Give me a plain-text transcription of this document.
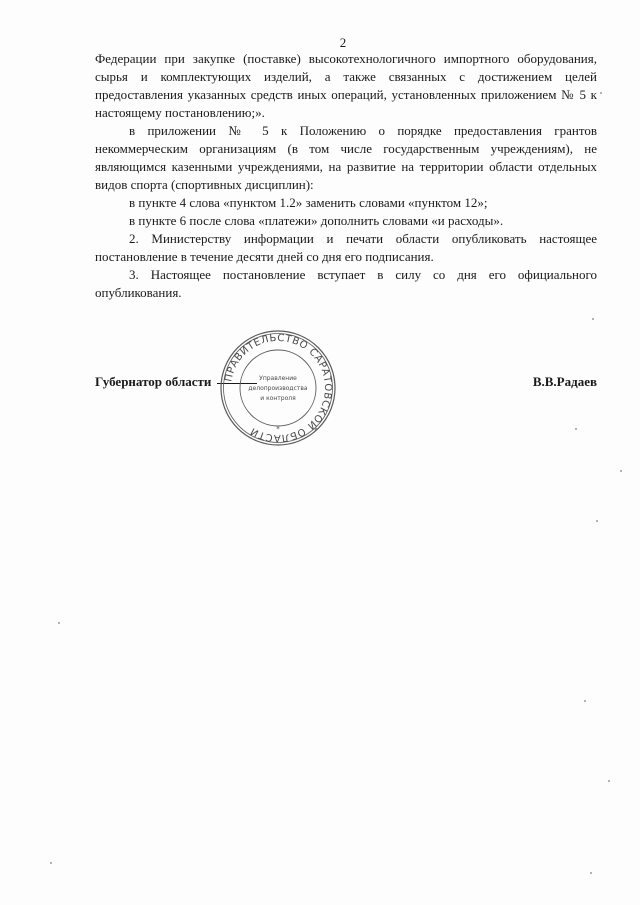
2

Федерации при закупке (поставке) высокотехнологичного импортного оборудования, сырья и комплектующих изделий, а также связанных с достижением целей предоставления указанных средств иных операций, установленных приложением № 5 к настоящему постановлению;».

в приложении № 5 к Положению о порядке предоставления грантов некоммерческим организациям (в том числе государственным учреждениям), не являющимся казенными учреждениями, на развитие на территории области отдельных видов спорта (спортивных дисциплин):

в пункте 4 слова «пунктом 1.2» заменить словами «пунктом 12»;

в пункте 6 после слова «платежи» дополнить словами «и расходы».

2. Министерству информации и печати области опубликовать настоящее постановление в течение десяти дней со дня его подписания.

3. Настоящее постановление вступает в силу со дня его официального опубликования.

Губернатор области	В.В.Радаев
ПРАВИТЕЛЬСТВО САРАТОВСКОЙ ОБЛАСТИ
Управление
делопроизводства
и контроля
*
